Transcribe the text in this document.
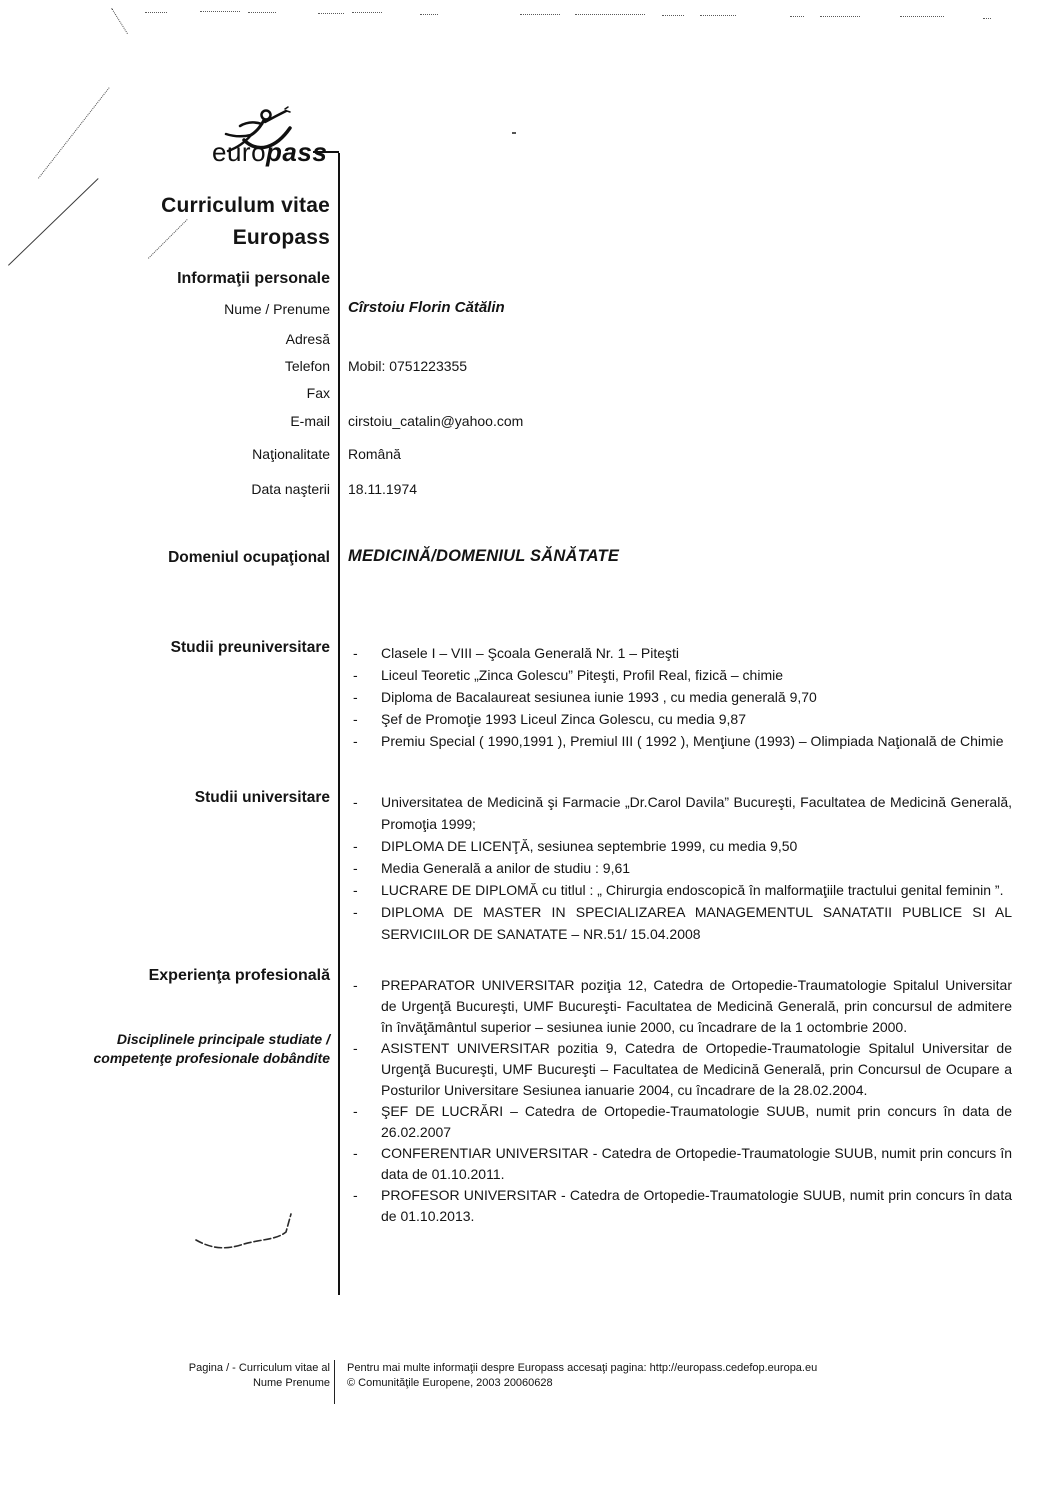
europass
Curriculum vitae
Europass
Informaţii personale
Nume / Prenume Cîrstoiu Florin Cătălin
Adresă
Telefon Mobil: 0751223355
Fax
E-mail cirstoiu_catalin@yahoo.com
Naţionalitate Română
Data naşterii 18.11.1974
Domeniul ocupaţional MEDICINĂ/DOMENIUL SĂNĂTATE
Studii preuniversitare	-	Clasele I – VIII – Şcoala Generală Nr. 1 – Piteşti
-	Liceul Teoretic „Zinca Golescu” Piteşti, Profil Real, fizică – chimie
-	Diploma de Bacalaureat sesiunea iunie 1993 , cu media generală 9,70
-	Şef de Promoţie 1993 Liceul Zinca Golescu, cu media 9,87
-	Premiu Special ( 1990,1991 ), Premiul III ( 1992 ), Menţiune (1993) – Olimpiada Naţională de Chimie
Studii universitare	-	Universitatea de Medicină şi Farmacie „Dr.Carol Davila” Bucureşti, Facultatea de Medicină Generală, Promoţia 1999;
-	DIPLOMA DE LICENŢĂ, sesiunea septembrie 1999, cu media 9,50
-	Media Generală a anilor de studiu : 9,61
-	LUCRARE DE DIPLOMĂ cu titlul : „ Chirurgia endoscopică în malformaţiile tractului genital feminin ”.
-	DIPLOMA DE MASTER IN SPECIALIZAREA MANAGEMENTUL SANATATII PUBLICE SI AL SERVICIILOR DE SANATATE – NR.51/ 15.04.2008
Experienţa profesională
Disciplinele principale studiate /
competenţe profesionale dobândite
-	PREPARATOR UNIVERSITAR poziţia 12, Catedra de Ortopedie-Traumatologie Spitalul Universitar de Urgenţă Bucureşti, UMF Bucureşti- Facultatea de Medicină Generală, prin concursul de admitere în învăţământul superior – sesiunea iunie 2000, cu încadrare de la 1 octombrie 2000.
-	ASISTENT UNIVERSITAR pozitia 9, Catedra de Ortopedie-Traumatologie Spitalul Universitar de Urgenţă Bucureşti, UMF Bucureşti – Facultatea de Medicină Generală, prin Concursul de Ocupare a Posturilor Universitare Sesiunea ianuarie 2004, cu încadrare de la 28.02.2004.
-	ŞEF DE LUCRĂRI – Catedra de Ortopedie-Traumatologie SUUB, numit prin concurs în data de 26.02.2007
-	CONFERENTIAR UNIVERSITAR - Catedra de Ortopedie-Traumatologie SUUB, numit prin concurs în data de 01.10.2011.
-	PROFESOR UNIVERSITAR - Catedra de Ortopedie-Traumatologie SUUB, numit prin concurs în data de 01.10.2013.
Pagina / - Curriculum vitae al
Nume Prenume
Pentru mai multe informaţii despre Europass accesaţi pagina: http://europass.cedefop.europa.eu
© Comunităţile Europene, 2003 20060628
